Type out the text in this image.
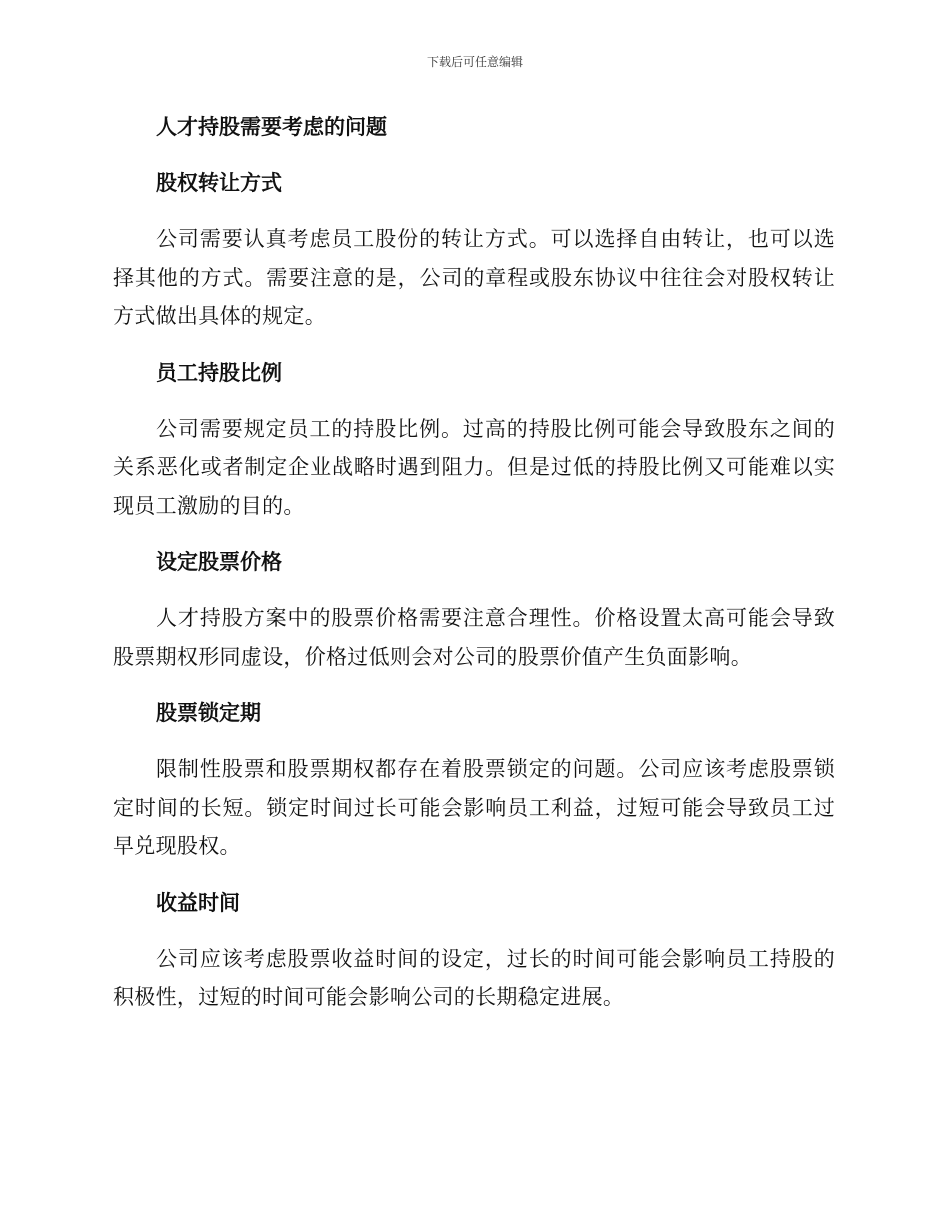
下载后可任意编辑
人才持股需要考虑的问题
股权转让方式

公司需要认真考虑员工股份的转让方式。可以选择自由转让，也可以选择其他的方式。需要注意的是，公司的章程或股东协议中往往会对股权转让方式做出具体的规定。

员工持股比例

公司需要规定员工的持股比例。过高的持股比例可能会导致股东之间的关系恶化或者制定企业战略时遇到阻力。但是过低的持股比例又可能难以实现员工激励的目的。

设定股票价格

人才持股方案中的股票价格需要注意合理性。价格设置太高可能会导致股票期权形同虚设，价格过低则会对公司的股票价值产生负面影响。

股票锁定期

限制性股票和股票期权都存在着股票锁定的问题。公司应该考虑股票锁定时间的长短。锁定时间过长可能会影响员工利益，过短可能会导致员工过早兑现股权。

收益时间

公司应该考虑股票收益时间的设定，过长的时间可能会影响员工持股的积极性，过短的时间可能会影响公司的长期稳定进展。
